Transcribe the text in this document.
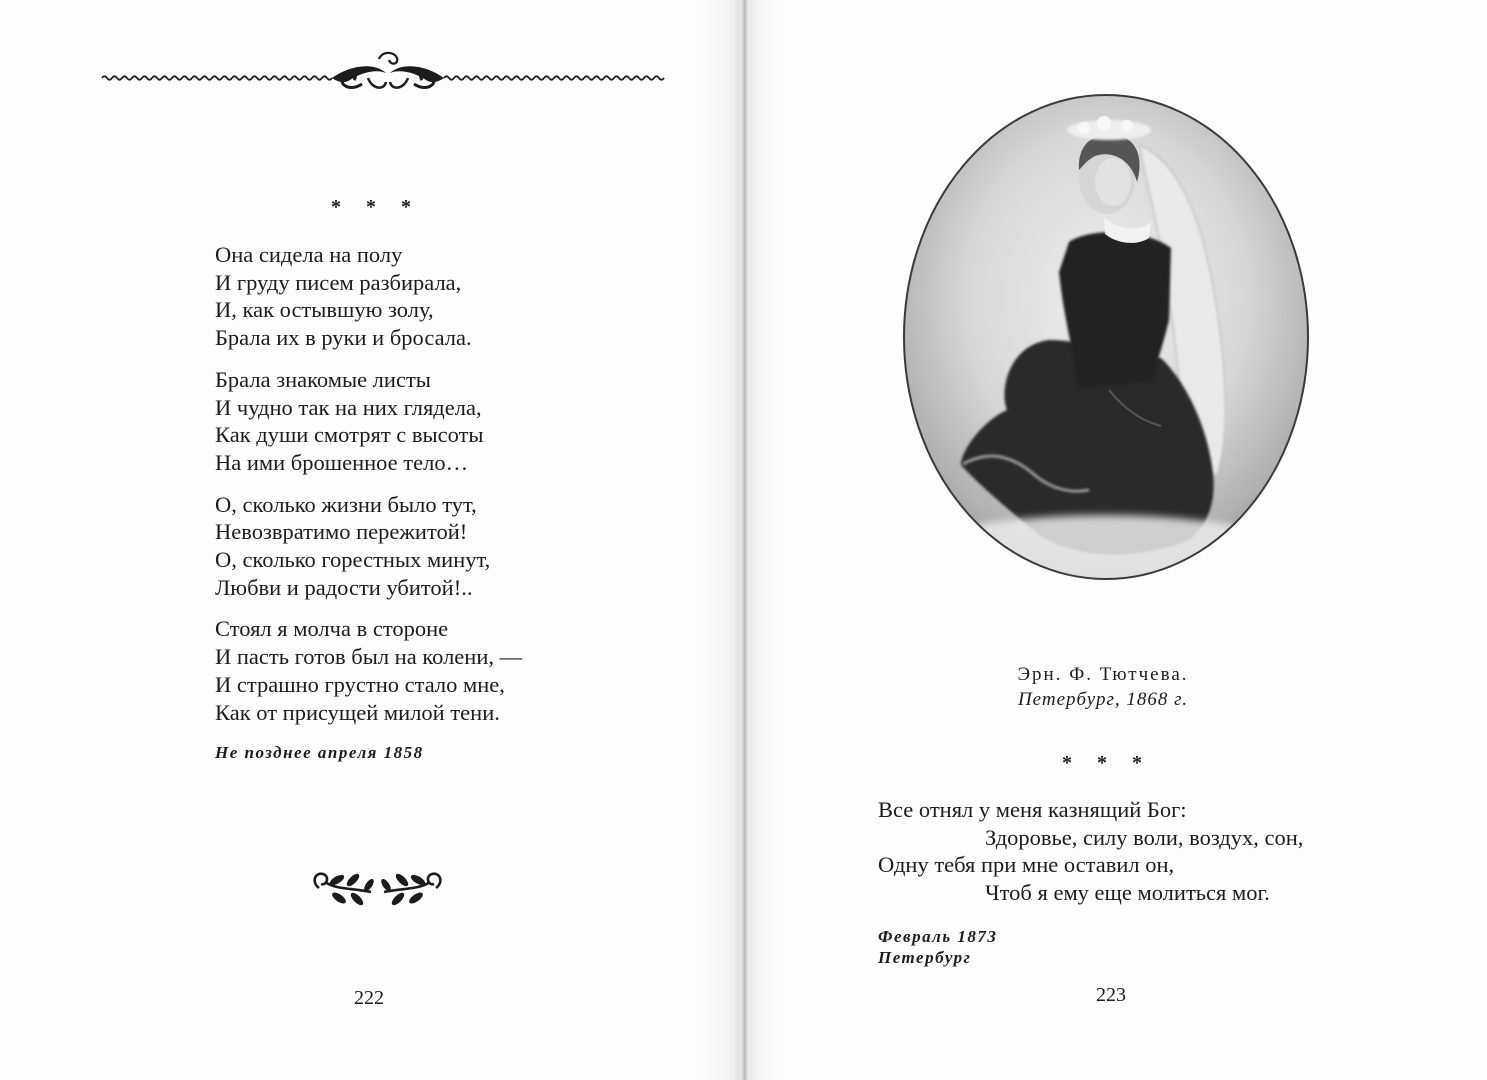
* * *
Она сидела на полу
И груду писем разбирала,
И, как остывшую золу,
Брала их в руки и бросала.
Брала знакомые листы
И чудно так на них глядела,
Как души смотрят с высоты
На ими брошенное тело…
О, сколько жизни было тут,
Невозвратимо пережитой!
О, сколько горестных минут,
Любви и радости убитой!..
Стоял я молча в стороне
И пасть готов был на колени, —
И страшно грустно стало мне,
Как от присущей милой тени.
Не позднее апреля 1858
222
Эрн. Ф. Тютчева.
Петербург, 1868 г.
* * *
Все отнял у меня казнящий Бог:
Здоровье, силу воли, воздух, сон,
Одну тебя при мне оставил он,
Чтоб я ему еще молиться мог.
Февраль 1873
Петербург
223
